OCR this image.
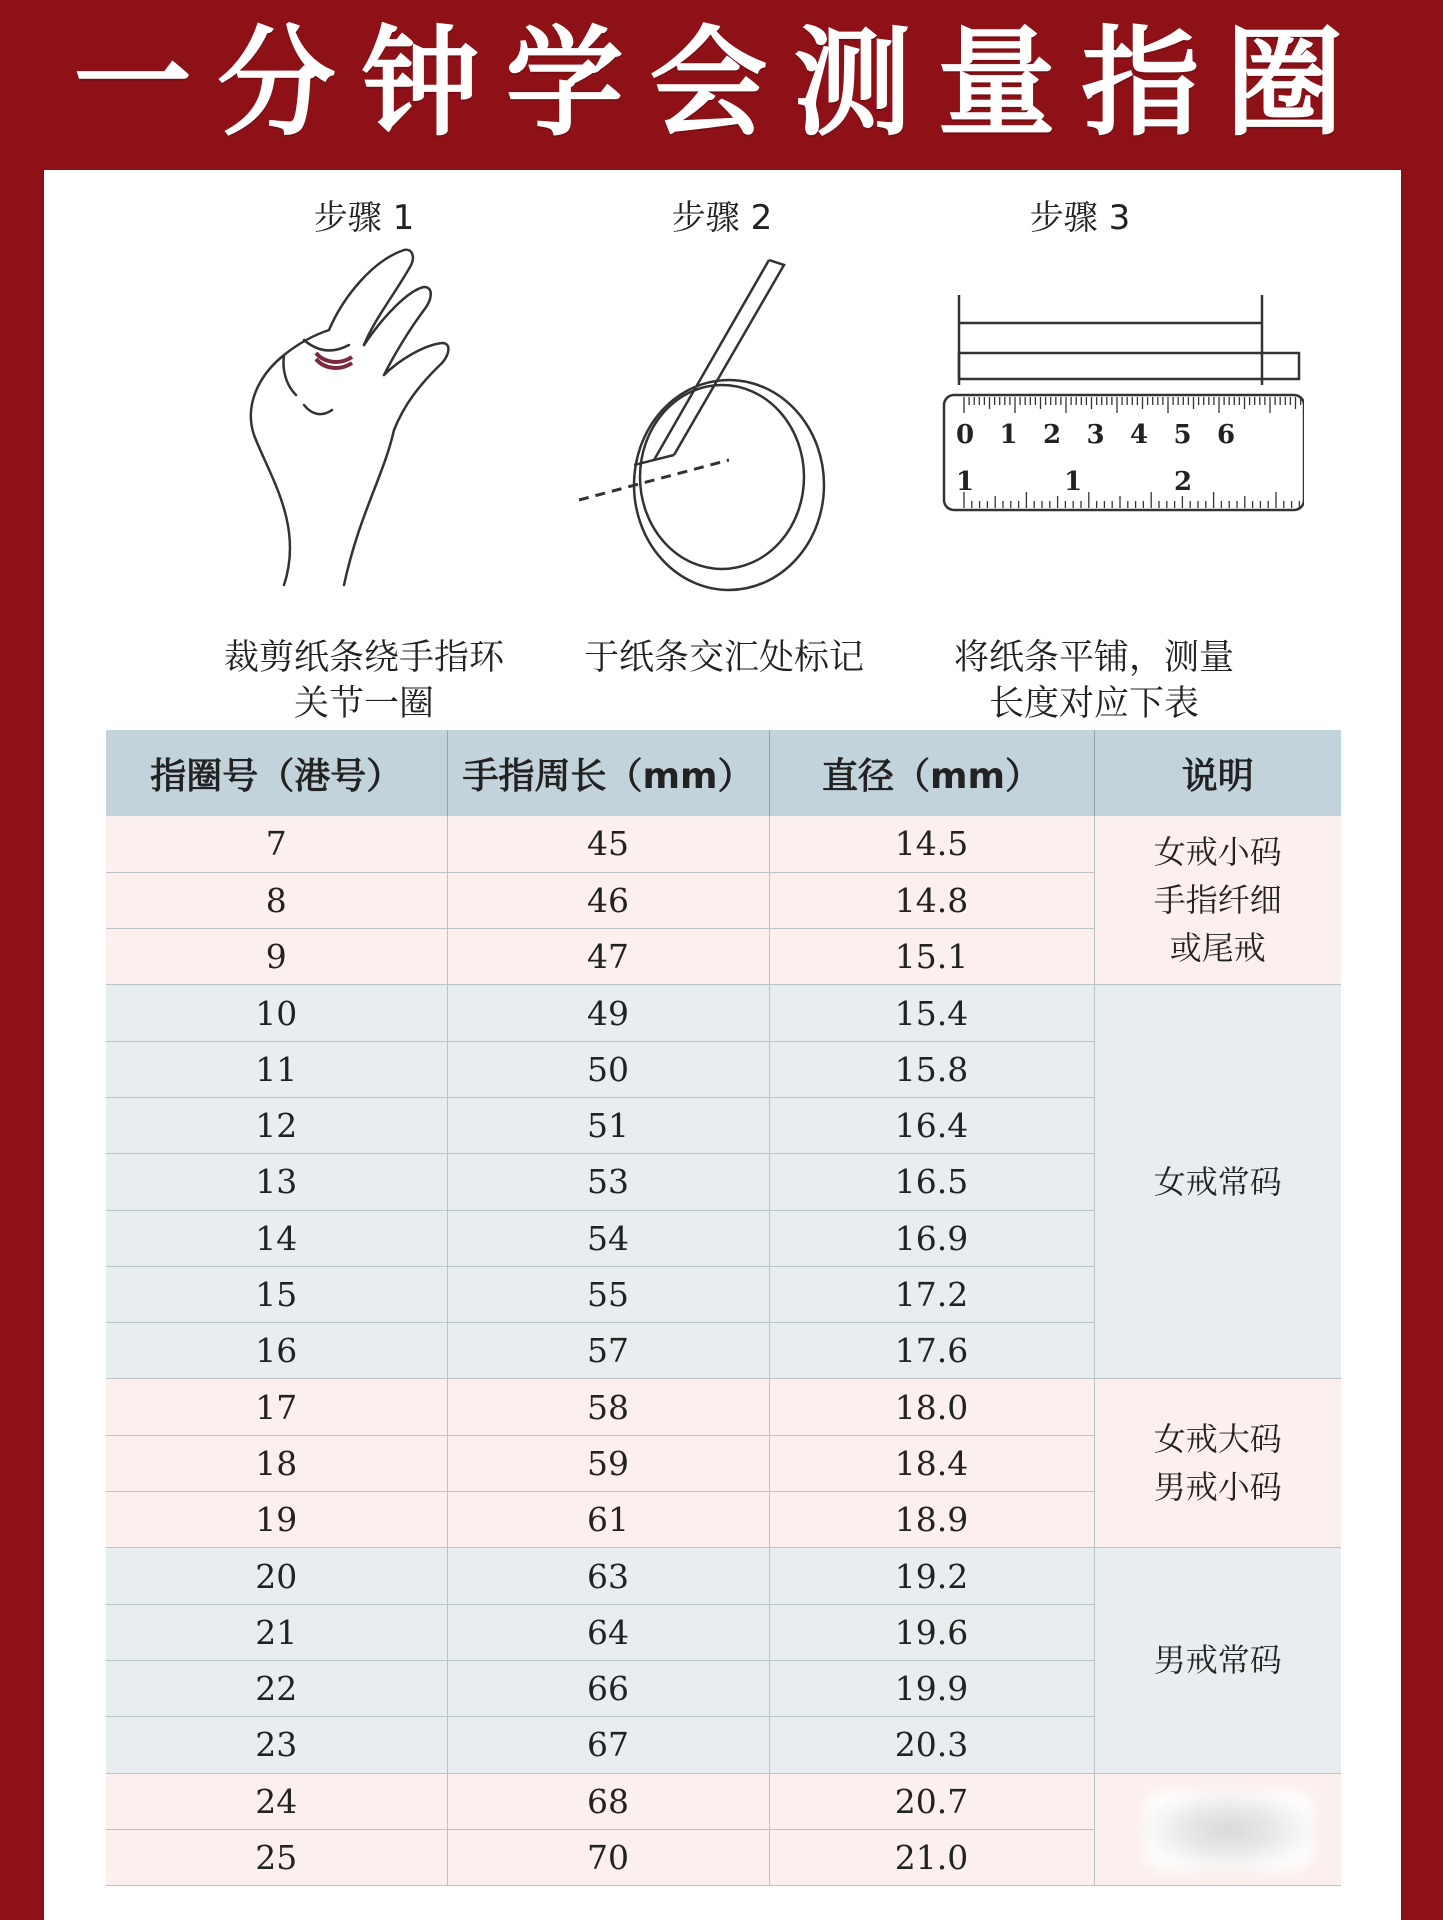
一分钟学会测量指圈
步骤 1	步骤 2	步骤 3
0 1 2 3 4 5 6
1	1	2
裁剪纸条绕手指环
关节一圈
于纸条交汇处标记	将纸条平铺，测量
长度对应下表
指圈号（港号）	手指周长（mm）	直径（mm）	说明
7	45	14.5	女戒小码
手指纤细
或尾戒

8	46	14.8	
9	47	15.1	
10	49	15.4	女戒常码

11	50	15.8	
12	51	16.4	
13	53	16.5	
14	54	16.9	
15	55	17.2	
16	57	17.6	
17	58	18.0	女戒大码
男戒小码

18	59	18.4	
19	61	18.9	
20	63	19.2	男戒常码

21	64	19.6	
22	66	19.9	
23	67	20.3	
24	68	20.7	
25	70	21.0	
